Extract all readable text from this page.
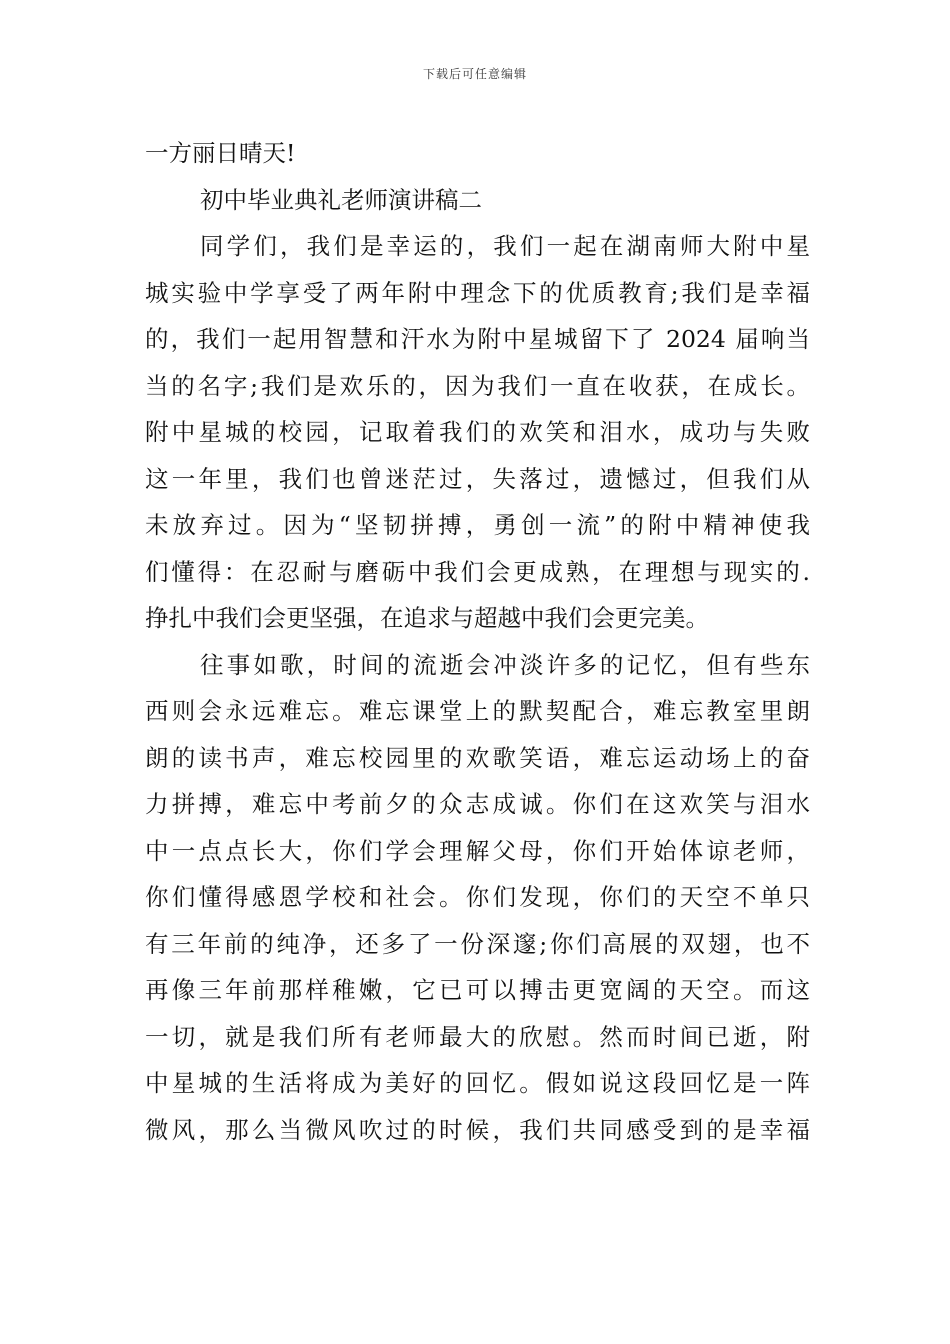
下载后可任意编辑
一方丽日晴天!
初中毕业典礼老师演讲稿二
同学们，我们是幸运的，我们一起在湖南师大附中星
城实验中学享受了两年附中理念下的优质教育;我们是幸福
的，我们一起用智慧和汗水为附中星城留下了 2024 届响当
当的名字;我们是欢乐的，因为我们一直在收获，在成长。
附中星城的校园，记取着我们的欢笑和泪水，成功与失败
这一年里，我们也曾迷茫过，失落过，遗憾过，但我们从
未放弃过。因为“坚韧拼搏，勇创一流”的附中精神使我
们懂得：在忍耐与磨砺中我们会更成熟，在理想与现实的.
挣扎中我们会更坚强，在追求与超越中我们会更完美。
往事如歌，时间的流逝会冲淡许多的记忆，但有些东
西则会永远难忘。难忘课堂上的默契配合，难忘教室里朗
朗的读书声，难忘校园里的欢歌笑语，难忘运动场上的奋
力拼搏，难忘中考前夕的众志成诚。你们在这欢笑与泪水
中一点点长大，你们学会理解父母，你们开始体谅老师，
你们懂得感恩学校和社会。你们发现，你们的天空不单只
有三年前的纯净，还多了一份深邃;你们高展的双翅，也不
再像三年前那样稚嫩，它已可以搏击更宽阔的天空。而这
一切，就是我们所有老师最大的欣慰。然而时间已逝，附
中星城的生活将成为美好的回忆。假如说这段回忆是一阵
微风，那么当微风吹过的时候，我们共同感受到的是幸福
